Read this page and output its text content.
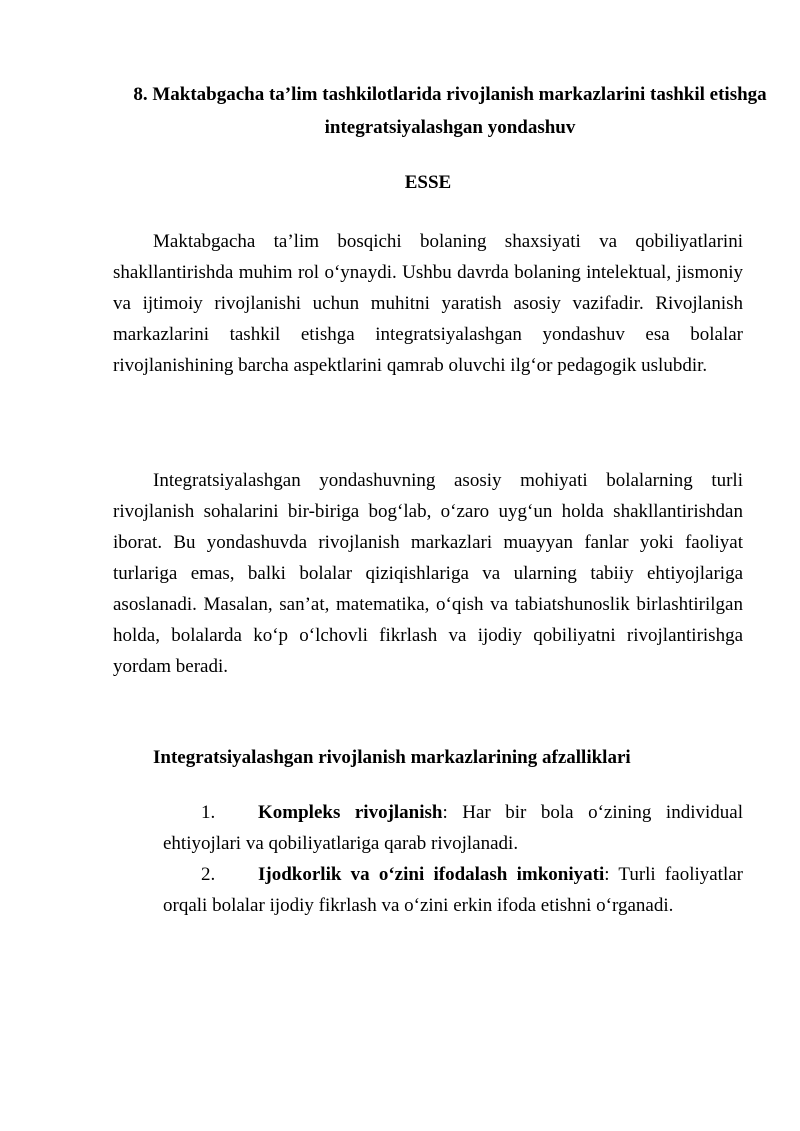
8. Maktabgacha ta’lim tashkilotlarida rivojlanish markazlarini tashkil etishga integratsiyalashgan yondashuv
ESSE

Maktabgacha ta’lim bosqichi bolaning shaxsiyati va qobiliyatlarini shakllantirishda muhim rol o‘ynaydi. Ushbu davrda bolaning intelektual, jismoniy va ijtimoiy rivojlanishi uchun muhitni yaratish asosiy vazifadir. Rivojlanish markazlarini tashkil etishga integratsiyalashgan yondashuv esa bolalar rivojlanishining barcha aspektlarini qamrab oluvchi ilg‘or pedagogik uslubdir.

Integratsiyalashgan yondashuvning asosiy mohiyati bolalarning turli rivojlanish sohalarini bir-biriga bog‘lab, o‘zaro uyg‘un holda shakllantirishdan iborat. Bu yondashuvda rivojlanish markazlari muayyan fanlar yoki faoliyat turlariga emas, balki bolalar qiziqishlariga va ularning tabiiy ehtiyojlariga asoslanadi. Masalan, san’at, matematika, o‘qish va tabiatshunoslik birlashtirilgan holda, bolalarda ko‘p o‘lchovli fikrlash va ijodiy qobiliyatni rivojlantirishga yordam beradi.

Integratsiyalashgan rivojlanish markazlarining afzalliklari
1. Kompleks rivojlanish: Har bir bola o‘zining individual ehtiyojlari va qobiliyatlariga qarab rivojlanadi.
2. Ijodkorlik va o‘zini ifodalash imkoniyati: Turli faoliyatlar orqali bolalar ijodiy fikrlash va o‘zini erkin ifoda etishni o‘rganadi.
